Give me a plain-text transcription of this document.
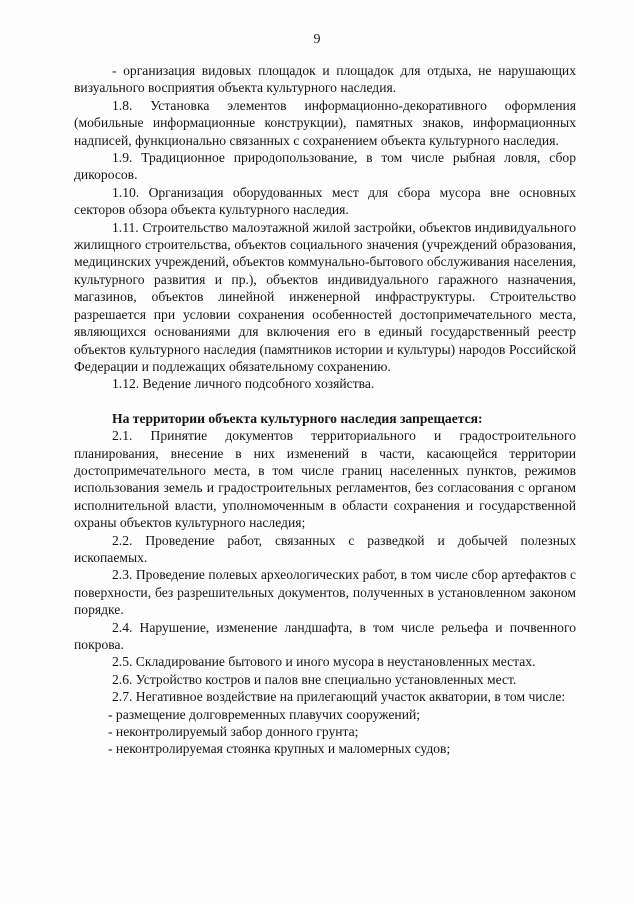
9

- организация видовых площадок и площадок для отдыха, не нарушающих визуального восприятия объекта культурного наследия.

1.8. Установка элементов информационно-декоративного оформления (мобильные информационные конструкции), памятных знаков, информационных надписей, функционально связанных с сохранением объекта культурного наследия.

1.9. Традиционное природопользование, в том числе рыбная ловля, сбор дикоросов.

1.10. Организация оборудованных мест для сбора мусора вне основных секторов обзора объекта культурного наследия.

1.11. Строительство малоэтажной жилой застройки, объектов индивидуального жилищного строительства, объектов социального значения (учреждений образования, медицинских учреждений, объектов коммунально-бытового обслуживания населения, культурного развития и пр.), объектов индивидуального гаражного назначения, магазинов, объектов линейной инженерной инфраструктуры. Строительство разрешается при условии сохранения особенностей достопримечательного места, являющихся основаниями для включения его в единый государственный реестр объектов культурного наследия (памятников истории и культуры) народов Российской Федерации и подлежащих обязательному сохранению.

1.12. Ведение личного подсобного хозяйства.

На территории объекта культурного наследия запрещается:

2.1. Принятие документов территориального и градостроительного планирования, внесение в них изменений в части, касающейся территории достопримечательного места, в том числе границ населенных пунктов, режимов использования земель и градостроительных регламентов, без согласования с органом исполнительной власти, уполномоченным в области сохранения и государственной охраны объектов культурного наследия;

2.2. Проведение работ, связанных с разведкой и добычей полезных ископаемых.

2.3. Проведение полевых археологических работ, в том числе сбор артефактов с поверхности, без разрешительных документов, полученных в установленном законом порядке.

2.4. Нарушение, изменение ландшафта, в том числе рельефа и почвенного покрова.

2.5. Складирование бытового и иного мусора в неустановленных местах.

2.6. Устройство костров и палов вне специально установленных мест.

2.7. Негативное воздействие на прилегающий участок акватории, в том числе:

- размещение долговременных плавучих сооружений;

- неконтролируемый забор донного грунта;

- неконтролируемая стоянка крупных и маломерных судов;
